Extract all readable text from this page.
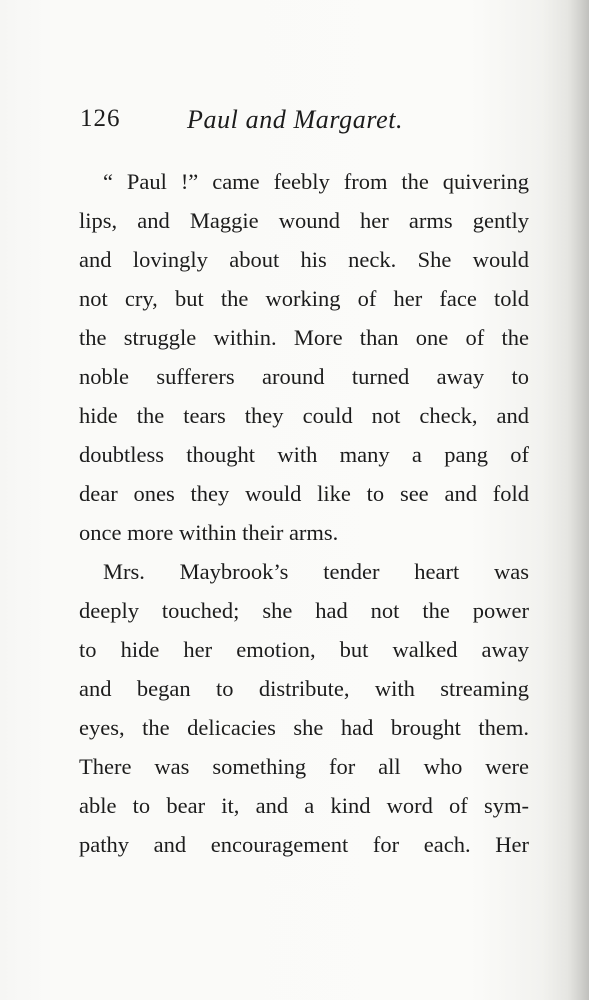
126	Paul and Margaret.
“ Paul !” came feebly from the quivering
lips, and Maggie wound her arms gently
and lovingly about his neck. She would
not cry, but the working of her face told
the struggle within. More than one of the
noble sufferers around turned away to
hide the tears they could not check, and
doubtless thought with many a pang of
dear ones they would like to see and fold
once more within their arms.
Mrs. Maybrook’s tender heart was
deeply touched; she had not the power
to hide her emotion, but walked away
and began to distribute, with streaming
eyes, the delicacies she had brought them.
There was something for all who were
able to bear it, and a kind word of sym-
pathy and encouragement for each. Her
